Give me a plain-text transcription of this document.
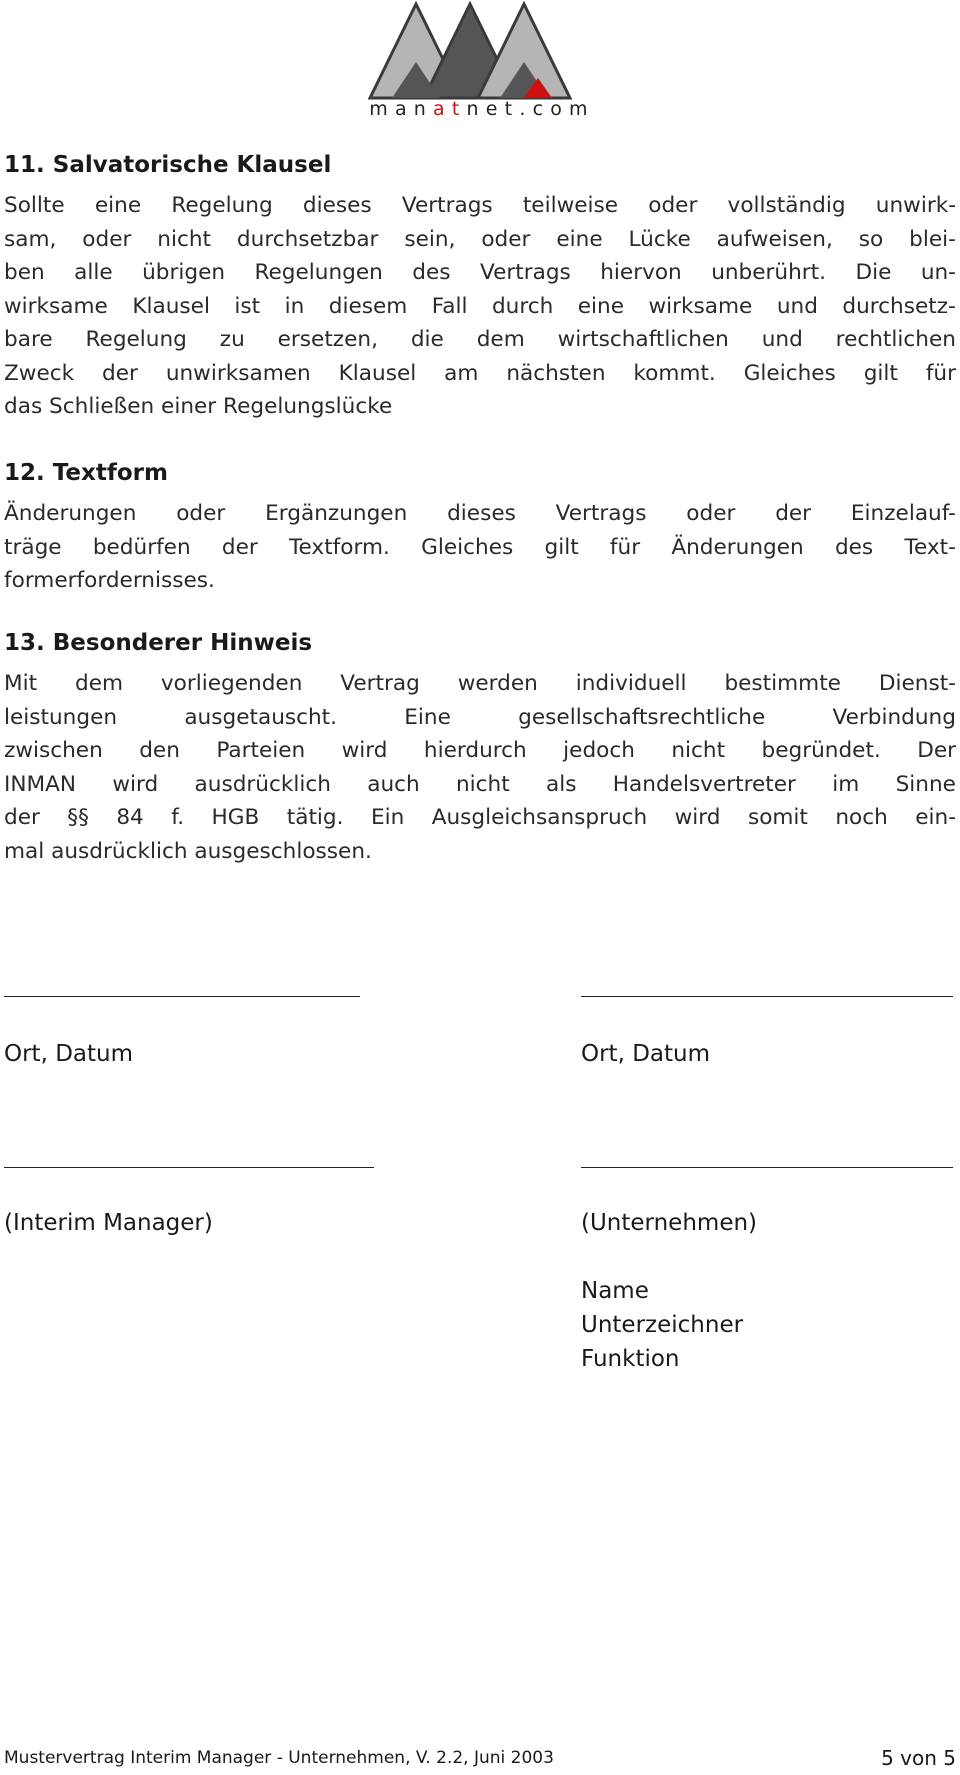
manatnet.com
11. Salvatorische Klausel
Sollte eine Regelung dieses Vertrags teilweise oder vollständig unwirk-
sam, oder nicht durchsetzbar sein, oder eine Lücke aufweisen, so blei-
ben alle übrigen Regelungen des Vertrags hiervon unberührt. Die un-
wirksame Klausel ist in diesem Fall durch eine wirksame und durchsetz-
bare Regelung zu ersetzen, die dem wirtschaftlichen und rechtlichen
Zweck der unwirksamen Klausel am nächsten kommt. Gleiches gilt für
das Schließen einer Regelungslücke
12. Textform
Änderungen oder Ergänzungen dieses Vertrags oder der Einzelauf-
träge bedürfen der Textform. Gleiches gilt für Änderungen des Text-
formerfordernisses.
13. Besonderer Hinweis
Mit dem vorliegenden Vertrag werden individuell bestimmte Dienst-
leistungen	ausgetauscht.	Eine	gesellschaftsrechtliche	Verbindung
zwischen den Parteien wird hierdurch jedoch nicht begründet. Der
INMAN wird ausdrücklich auch nicht als Handelsvertreter im Sinne
der §§ 84 f. HGB tätig. Ein Ausgleichsanspruch wird somit noch ein-
mal ausdrücklich ausgeschlossen.
Ort, Datum	Ort, Datum
(Interim Manager)	(Unternehmen)
Name
Unterzeichner
Funktion
Mustervertrag Interim Manager - Unternehmen, V. 2.2, Juni 2003	5 von 5
